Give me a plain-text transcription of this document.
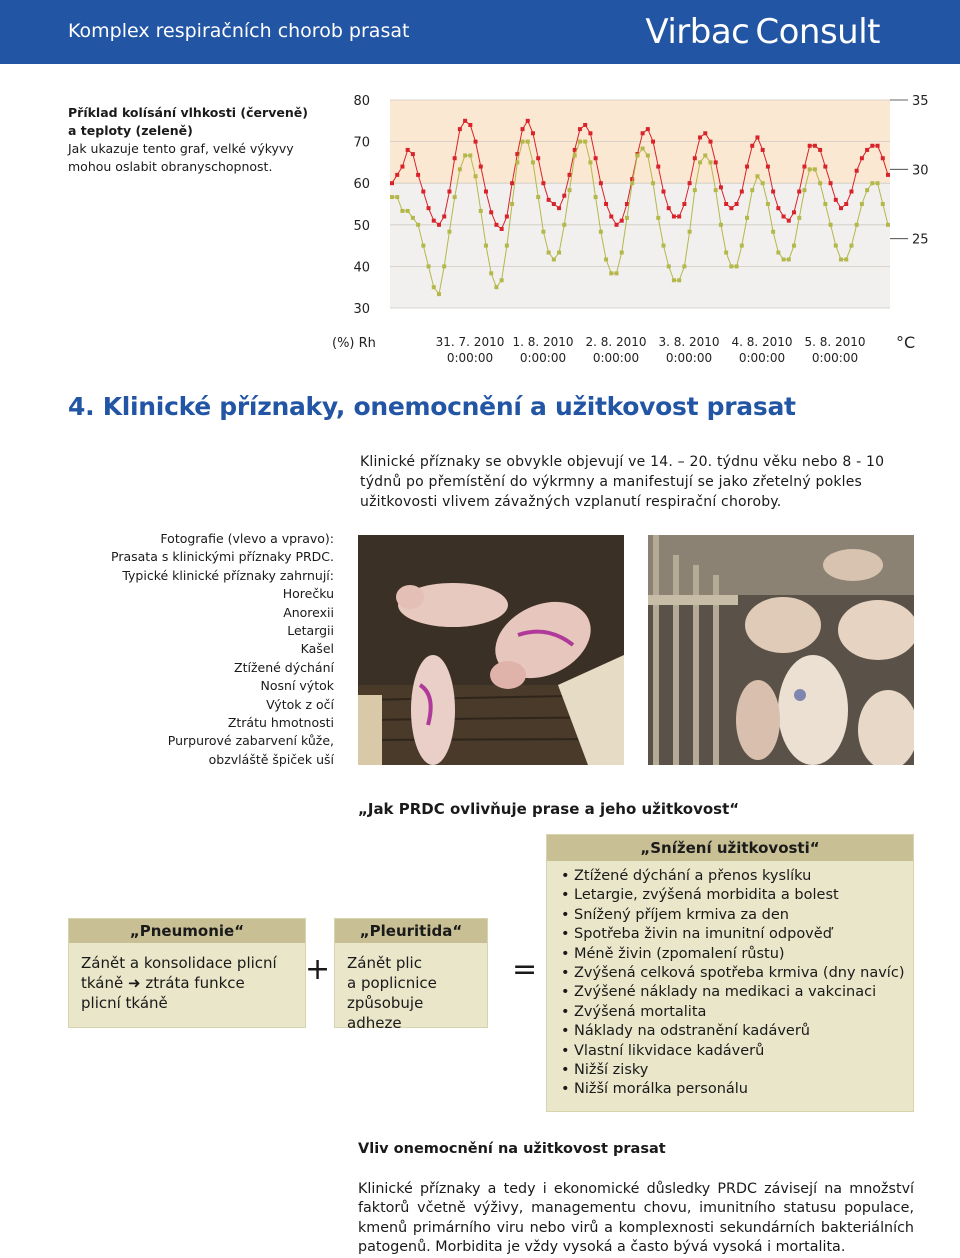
Komplex respiračních chorob prasat	Virbac Consult
Příklad kolísání vlhkosti (červeně)
a teploty (zeleně)
Jak ukazuje tento graf, velké výkyvy
mohou oslabit obranyschopnost.
80
70
60
50
40
30
35
30
25
(%) Rh	°C
31. 7. 2010
0:00:00
1. 8. 2010
0:00:00
2. 8. 2010
0:00:00
3. 8. 2010
0:00:00
4. 8. 2010
0:00:00
5. 8. 2010
0:00:00
4. Klinické příznaky, onemocnění a užitkovost prasat

Klinické příznaky se obvykle objevují ve 14. – 20. týdnu věku nebo 8 - 10 týdnů po přemístění do výkrmny a manifestují se jako zřetelný pokles užitkovosti vlivem závažných vzplanutí respirační choroby.

Fotografie (vlevo a vpravo):
Prasata s klinickými příznaky PRDC.
Typické klinické příznaky zahrnují:
Horečku
Anorexii
Letargii
Kašel
Ztížené dýchání
Nosní výtok
Výtok z očí
Ztrátu hmotnosti
Purpurové zabarvení kůže,
obzvláště špiček uší
„Jak PRDC ovlivňuje prase a jeho užitkovost“
„Snížení užitkovosti“
• Ztížené dýchání a přenos kyslíku
• Letargie, zvýšená morbidita a bolest
• Snížený příjem krmiva za den
• Spotřeba živin na imunitní odpověď
• Méně živin (zpomalení růstu)
• Zvýšená celková spotřeba krmiva (dny navíc)
• Zvýšené náklady na medikaci a vakcinaci
• Zvýšená mortalita
• Náklady na odstranění kadáverů
• Vlastní likvidace kadáverů
• Nižší zisky
• Nižší morálka personálu
„Pneumonie“
Zánět a konsolidace plicní
tkáně ➜ ztráta funkce
plicní tkáně
+
„Pleuritida“
Zánět plic
a poplicnice
způsobuje adheze
=
Vliv onemocnění na užitkovost prasat

Klinické příznaky a tedy i ekonomické důsledky PRDC závisejí na množství faktorů včetně výživy, managementu chovu, imunitního statusu populace, kmenů primárního viru nebo virů a komplexnosti sekundárních bakteriálních patogenů. Morbidita je vždy vysoká a často bývá vysoká i mortalita.
